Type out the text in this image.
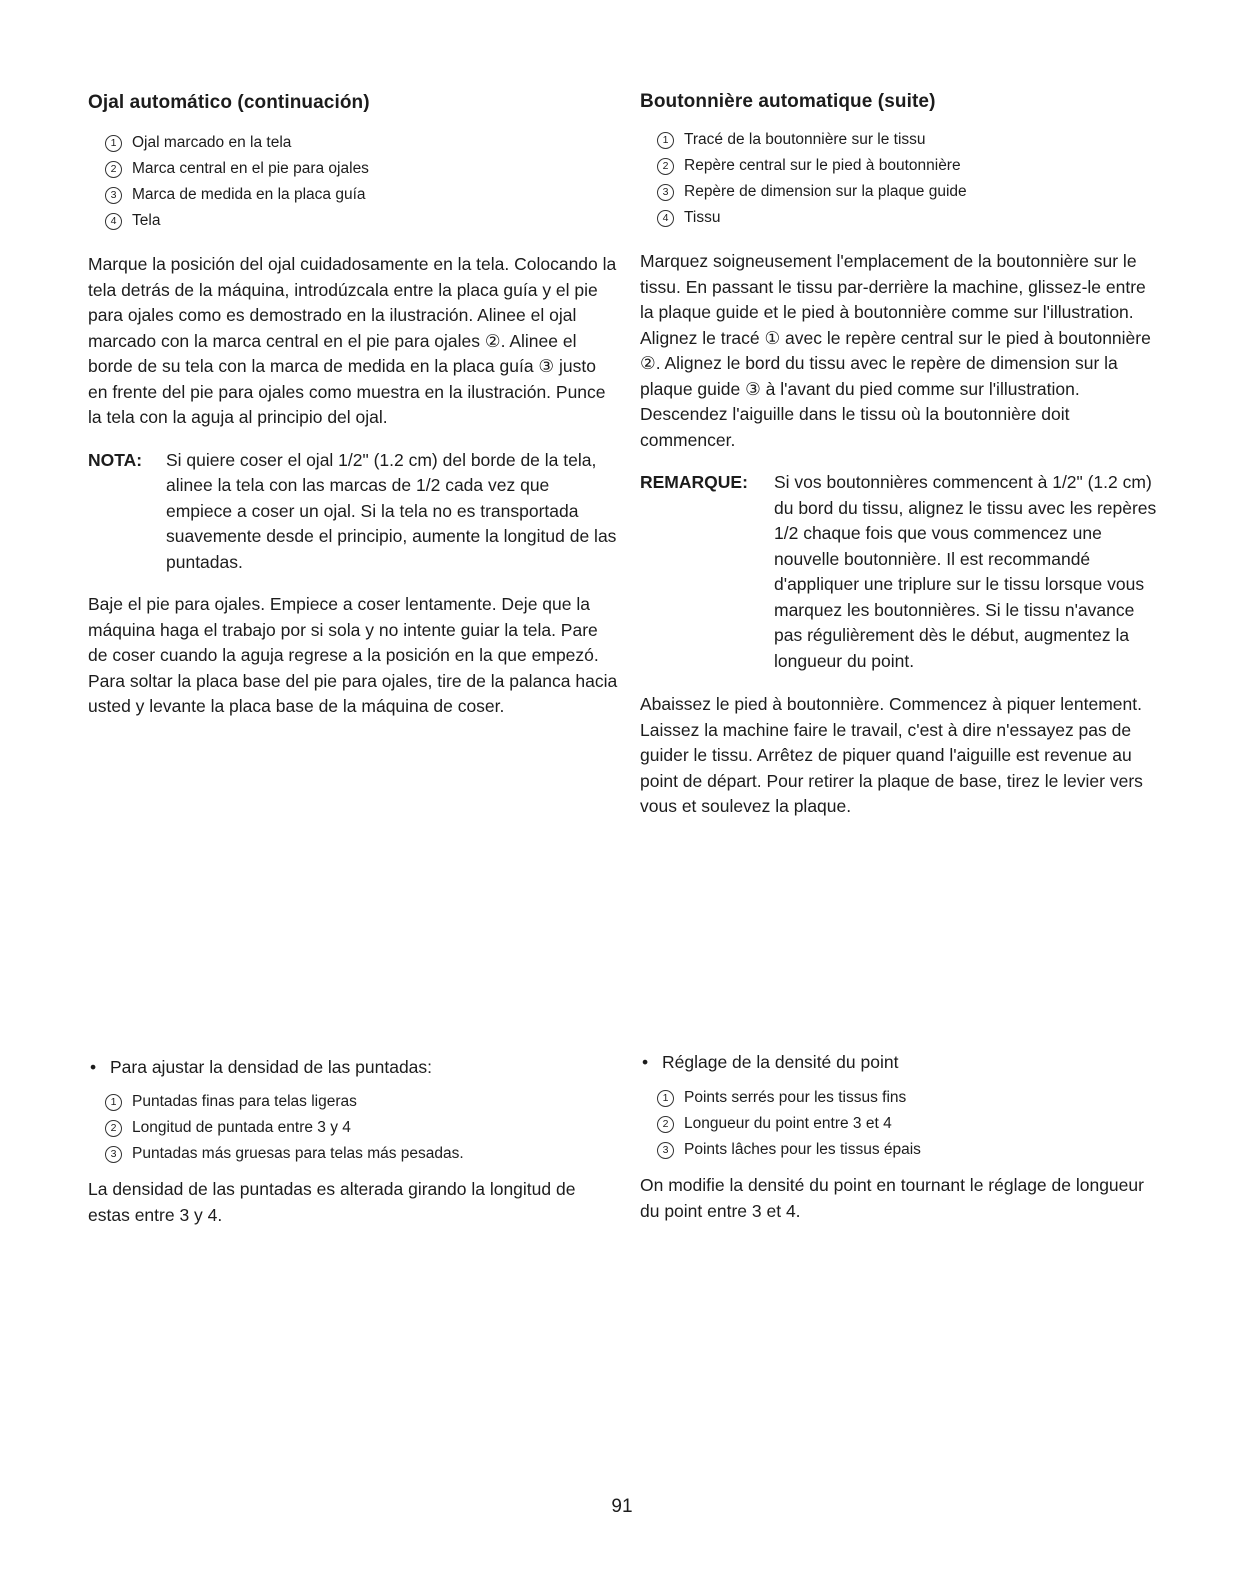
Ojal automático (continuación)
1 Ojal marcado en la tela
2 Marca central en el pie para ojales
3 Marca de medida en la placa guía
4 Tela

Marque la posición del ojal cuidadosamente en la tela. Colocando la tela detrás de la máquina, introdúzcala entre la placa guía y el pie para ojales como es demostrado en la ilustración. Alinee el ojal marcado con la marca central en el pie para ojales ②. Alinee el borde de su tela con la marca de medida en la placa guía ③ justo en frente del pie para ojales como muestra en la ilustración. Punce la tela con la aguja al principio del ojal.

NOTA:	Si quiere coser el ojal 1/2" (1.2 cm) del borde de la tela, alinee la tela con las marcas de 1/2 cada vez que empiece a coser un ojal. Si la tela no es transportada suavemente desde el principio, aumente la longitud de las puntadas.

Baje el pie para ojales. Empiece a coser lentamente. Deje que la máquina haga el trabajo por si sola y no intente guiar la tela. Pare de coser cuando la aguja regrese a la posición en la que empezó. Para soltar la placa base del pie para ojales, tire de la palanca hacia usted y levante la placa base de la máquina de coser.

Boutonnière automatique (suite)
1 Tracé de la boutonnière sur le tissu
2 Repère central sur le pied à boutonnière
3 Repère de dimension sur la plaque guide
4 Tissu

Marquez soigneusement l'emplacement de la boutonnière sur le tissu. En passant le tissu par-derrière la machine, glissez-le entre la plaque guide et le pied à boutonnière comme sur l'illustration. Alignez le tracé ① avec le repère central sur le pied à boutonnière ②. Alignez le bord du tissu avec le repère de dimension sur la plaque guide ③ à l'avant du pied comme sur l'illustration. Descendez l'aiguille dans le tissu où la boutonnière doit commencer.

REMARQUE:	Si vos boutonnières commencent à 1/2" (1.2 cm) du bord du tissu, alignez le tissu avec les repères 1/2 chaque fois que vous commencez une nouvelle boutonnière. Il est recommandé d'appliquer une triplure sur le tissu lorsque vous marquez les boutonnières. Si le tissu n'avance pas régulièrement dès le début, augmentez la longueur du point.

Abaissez le pied à boutonnière. Commencez à piquer lentement. Laissez la machine faire le travail, c'est à dire n'essayez pas de guider le tissu. Arrêtez de piquer quand l'aiguille est revenue au point de départ. Pour retirer la plaque de base, tirez le levier vers vous et soulevez la plaque.

• Para ajustar la densidad de las puntadas:

1 Puntadas finas para telas ligeras
2 Longitud de puntada entre 3 y 4
3 Puntadas más gruesas para telas más pesadas.

La densidad de las puntadas es alterada girando la longitud de estas entre 3 y 4.

• Réglage de la densité du point

1 Points serrés pour les tissus fins
2 Longueur du point entre 3 et 4
3 Points lâches pour les tissus épais

On modifie la densité du point en tournant le réglage de longueur du point entre 3 et 4.

91
